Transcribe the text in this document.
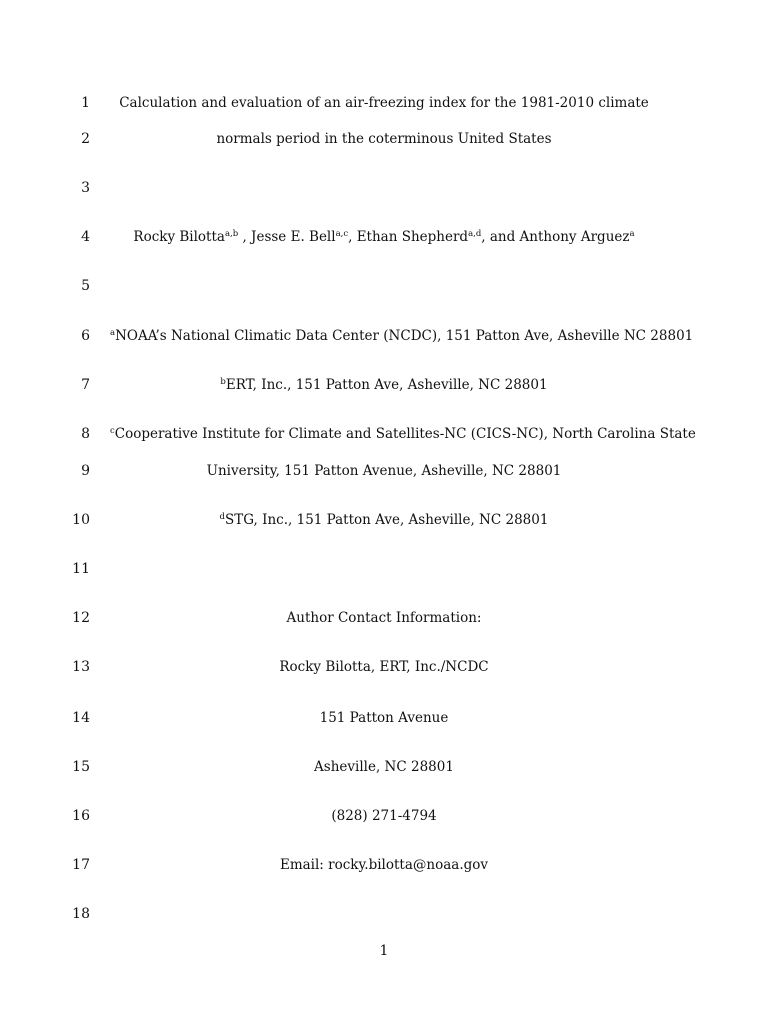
1	Calculation and evaluation of an air-freezing index for the 1981-2010 climate
2	normals period in the coterminous United States
3
4	Rocky Bilotta$^{a,b}$ , Jesse E. Bell$^{a,c}$, Ethan Shepherd$^{a,d}$, and Anthony Arguez$^a$
5
6 $^a$NOAA’s National Climatic Data Center (NCDC), 151 Patton Ave, Asheville NC 28801
7	$^b$ERT, Inc., 151 Patton Ave, Asheville, NC 28801
8 $^c$Cooperative Institute for Climate and Satellites-NC (CICS-NC), North Carolina State
9	University, 151 Patton Avenue, Asheville, NC 28801
10	$^d$STG, Inc., 151 Patton Ave, Asheville, NC 28801
11
12	Author Contact Information:
13	Rocky Bilotta, ERT, Inc./NCDC
14	151 Patton Avenue
15	Asheville, NC 28801
16	(828) 271-4794
17	Email: rocky.bilotta@noaa.gov
18
1
